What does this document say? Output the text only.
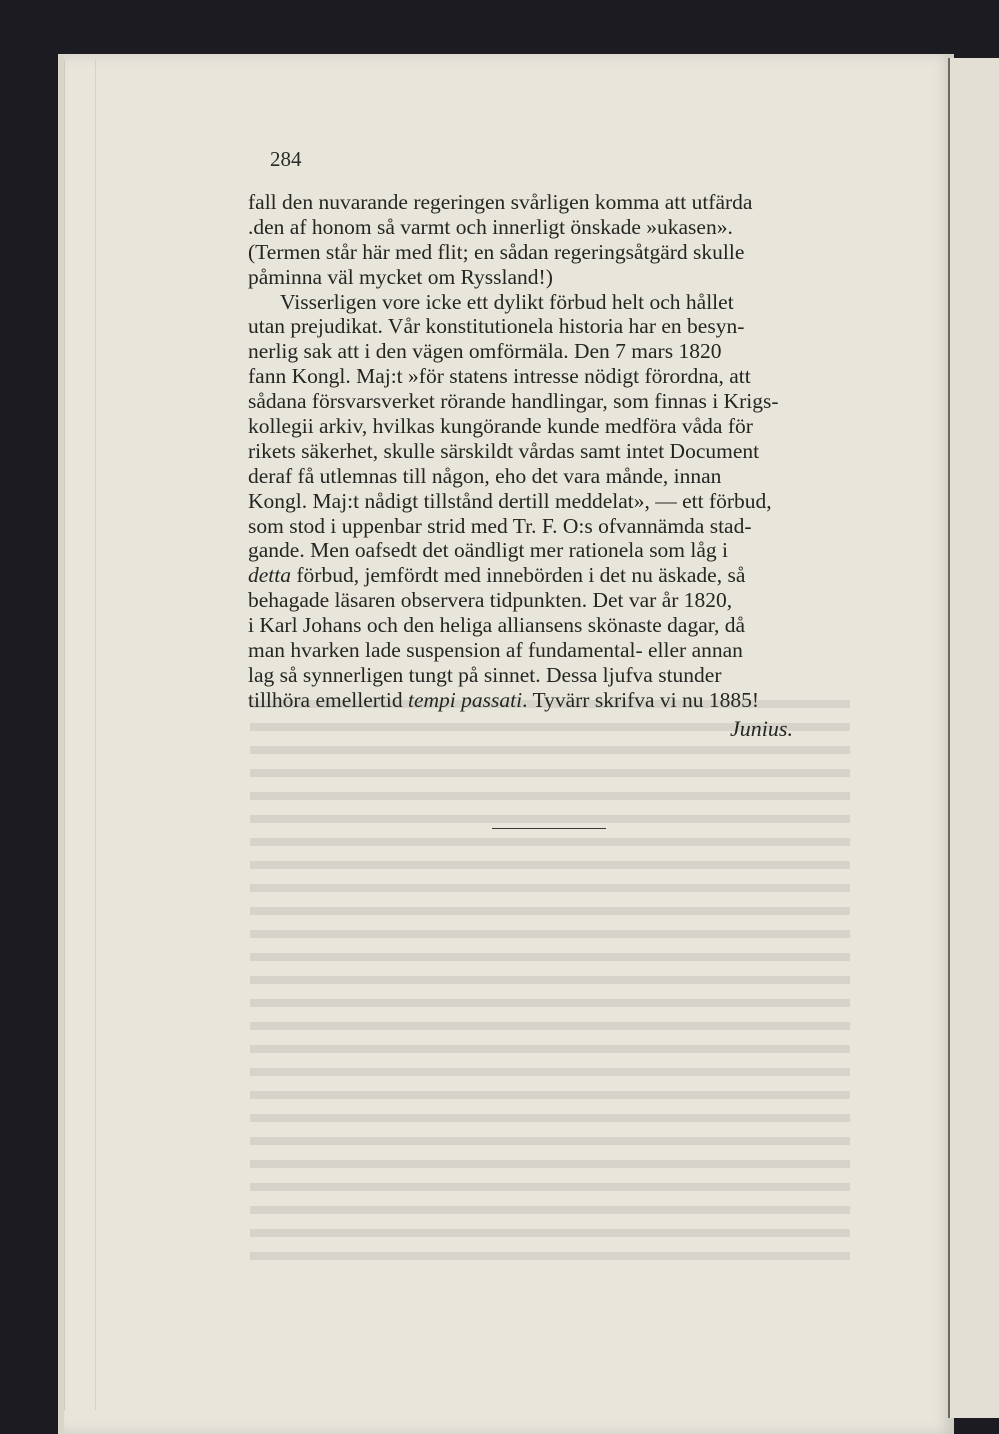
284
fall den nuvarande regeringen svårligen komma att utfärda
.den af honom så varmt och innerligt önskade »ukasen».
(Termen står här med flit; en sådan regeringsåtgärd skulle
påminna väl mycket om Ryssland!)
Visserligen vore icke ett dylikt förbud helt och hållet
utan prejudikat. Vår konstitutionela historia har en besyn-
nerlig sak att i den vägen omförmäla. Den 7 mars 1820
fann Kongl. Maj:t »för statens intresse nödigt förordna, att
sådana försvarsverket rörande handlingar, som finnas i Krigs-
kollegii arkiv, hvilkas kungörande kunde medföra våda för
rikets säkerhet, skulle särskildt vårdas samt intet Document
deraf få utlemnas till någon, eho det vara månde, innan
Kongl. Maj:t nådigt tillstånd dertill meddelat», — ett förbud,
som stod i uppenbar strid med Tr. F. O:s ofvannämda stad-
gande. Men oafsedt det oändligt mer rationela som låg i
detta förbud, jemfördt med innebörden i det nu äskade, så
behagade läsaren observera tidpunkten. Det var år 1820,
i Karl Johans och den heliga alliansens skönaste dagar, då
man hvarken lade suspension af fundamental- eller annan
lag så synnerligen tungt på sinnet. Dessa ljufva stunder
tillhöra emellertid tempi passati. Tyvärr skrifva vi nu 1885!
Junius.
